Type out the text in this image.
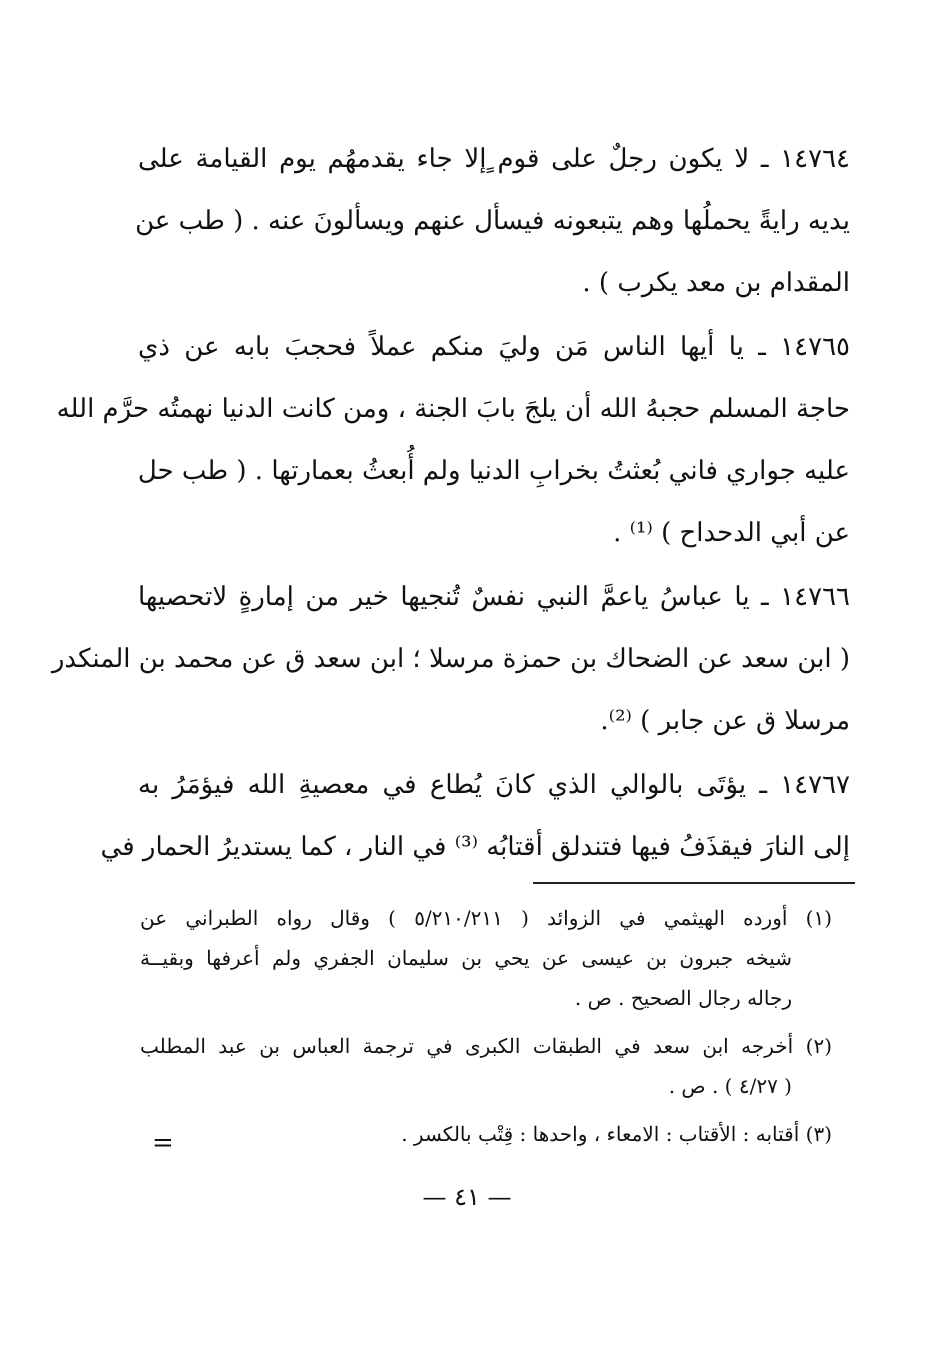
١٤٧٦٤ ـ لا يكون رجلٌ على قوم ٍإلا جاء يقدمهُم يوم القيامة على
يديه رايةً يحملُها وهم يتبعونه فيسأل عنهم ويسألونَ عنه . ( طب عن
المقدام بن معد يكرب ) .
١٤٧٦٥ ـ يا أيها الناس مَن وليَ منكم عملاً فحجبَ بابه عن ذي
حاجة المسلم حجبهُ الله أن يلجَ بابَ الجنة ، ومن كانت الدنيا نهمتُه حرَّم الله
عليه جواري فاني بُعثتُ بخرابِ الدنيا ولم أُبعثُ بعمارتها . ( طب حل
عن أبي الدحداح ) ⁽¹⁾ .
١٤٧٦٦ ـ يا عباسُ ياعمَّ النبي نفسٌ تُنجيها خير من إمارةٍ لاتحصيها
( ابن سعد عن الضحاك بن حمزة مرسلا ؛ ابن سعد ق عن محمد بن المنكدر
مرسلا ق عن جابر ) ⁽²⁾.
١٤٧٦٧ ـ يؤتَى بالوالي الذي كانَ يُطاع في معصيةِ الله فيؤمَرُ به
إلى النارَ فيقذَفُ فيها فتندلق أقتابُه ⁽³⁾ في النار ، كما يستديرُ الحمار في
(١) أورده الهيثمي في الزوائد ( ٥/٢١٠/٢١١ ) وقال رواه الطبراني عن
شيخه جبرون بن عيسى عن يحي بن سليمان الجفري ولم أعرفها وبقيــة
رجاله رجال الصحيح . ص .
(٢) أخرجه ابن سعد في الطبقات الكبرى في ترجمة العباس بن عبد المطلب
( ٤/٢٧ ) . ص .
(٣) أقتابه : الأقتاب : الامعاء ، واحدها : قِتْب بالكسر .
=
— ٤١ —
